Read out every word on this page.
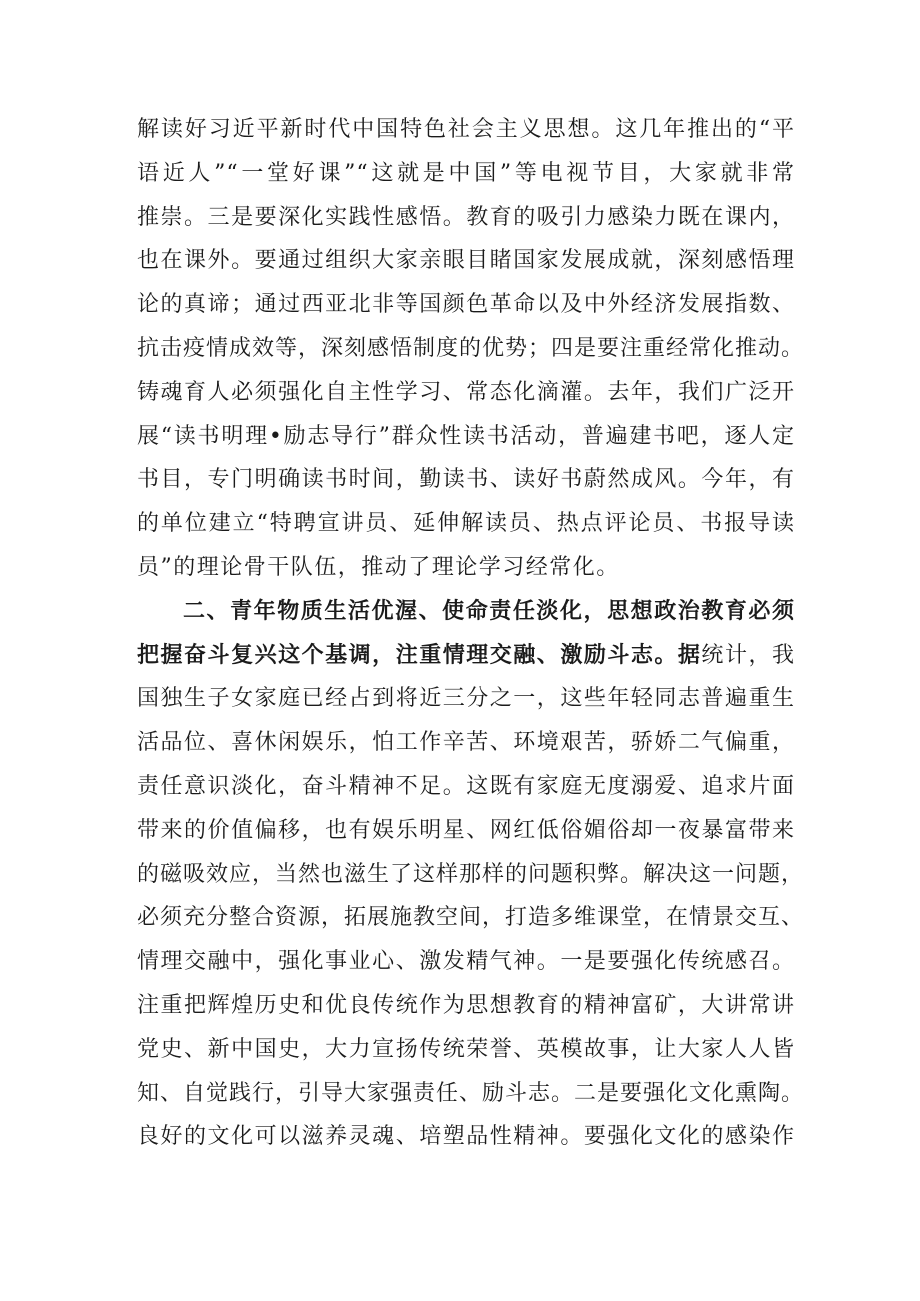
解读好习近平新时代中国特色社会主义思想。这几年推出的“平
语近人”“一堂好课”“这就是中国”等电视节目，大家就非常
推崇。三是要深化实践性感悟。教育的吸引力感染力既在课内，
也在课外。要通过组织大家亲眼目睹国家发展成就，深刻感悟理
论的真谛；通过西亚北非等国颜色革命以及中外经济发展指数、
抗击疫情成效等，深刻感悟制度的优势；四是要注重经常化推动。
铸魂育人必须强化自主性学习、常态化滴灌。去年，我们广泛开
展“读书明理•励志导行”群众性读书活动，普遍建书吧，逐人定
书目，专门明确读书时间，勤读书、读好书蔚然成风。今年，有
的单位建立“特聘宣讲员、延伸解读员、热点评论员、书报导读
员”的理论骨干队伍，推动了理论学习经常化。
二、青年物质生活优渥、使命责任淡化，思想政治教育必须
把握奋斗复兴这个基调，注重情理交融、激励斗志。据统计，我
国独生子女家庭已经占到将近三分之一，这些年轻同志普遍重生
活品位、喜休闲娱乐，怕工作辛苦、环境艰苦，骄娇二气偏重，
责任意识淡化，奋斗精神不足。这既有家庭无度溺爱、追求片面
带来的价值偏移，也有娱乐明星、网红低俗媚俗却一夜暴富带来
的磁吸效应，当然也滋生了这样那样的问题积弊。解决这一问题，
必须充分整合资源，拓展施教空间，打造多维课堂，在情景交互、
情理交融中，强化事业心、激发精气神。一是要强化传统感召。
注重把辉煌历史和优良传统作为思想教育的精神富矿，大讲常讲
党史、新中国史，大力宣扬传统荣誉、英模故事，让大家人人皆
知、自觉践行，引导大家强责任、励斗志。二是要强化文化熏陶。
良好的文化可以滋养灵魂、培塑品性精神。要强化文化的感染作
